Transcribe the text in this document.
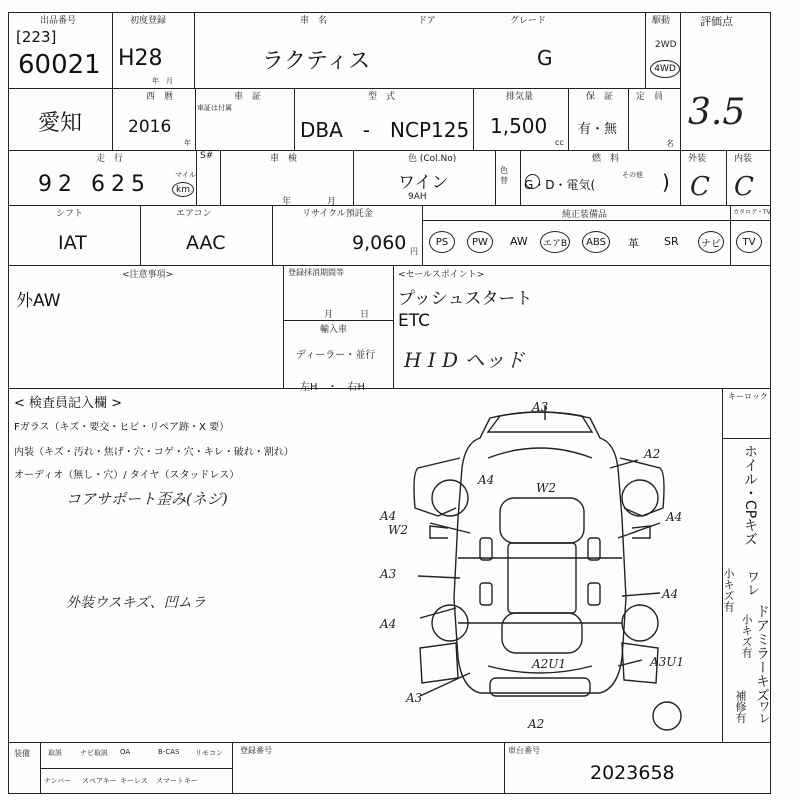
出品番号
[223]
60021
初度登録
H28
年　月
車　名
ラクティス
ドア	グレード
G
駆動
2WD
4WD
評価点
3.5
愛知
西　暦
2016
年
車　証
車証は付属
型　式
DBA　-　NCP125
排気量
1,500
cc
保　証
有・無
定　員
名
走　行
92 625	マイル
km
S#	車　検
年　　　　月
色 (Col.No)
ワイン
9AH
色替
燃　料
G・D・電気(
その他 )
外装
C
内装
C
シフト
IAT
エアコン
AAC
リサイクル預託金
9,060 円
純正装備品	カタログ・TV
PS	PW	AW	エアB	ABS	革 SR	ナビ	TV
<注意事項>
外AW
登録抹消期間等
月　　　日
輸入車
ディーラー・並行
左H　・　右H
<セールスポイント>
プッシュスタート
ETC
H I D ヘッド
< 検査員記入欄 >
Fガラス（キズ・要交・ヒビ・リペア跡・X 要）
内装（キズ・汚れ・焦げ・穴・コゲ・穴・キレ・破れ・割れ）
オーディオ（無し・穴）/ タイヤ（スタッドレス）
コアサポート歪み(ネジ)
外装ウスキズ、凹ムラ
キーロック
A3
A2
A4
W2
A4
W2
A3
A4
A4
A4
A2U1	A3U1
A3
A2
ホイル・CPキズ
小キズ有 ワレ
ドアミラーキズ
小キズ有
補修有 ワレ
装備	取説	ナビ取説 OA	B-CAS リモコン
ナンバー スペアキー キーレス スマートキー
登録番号	車台番号
2023658
